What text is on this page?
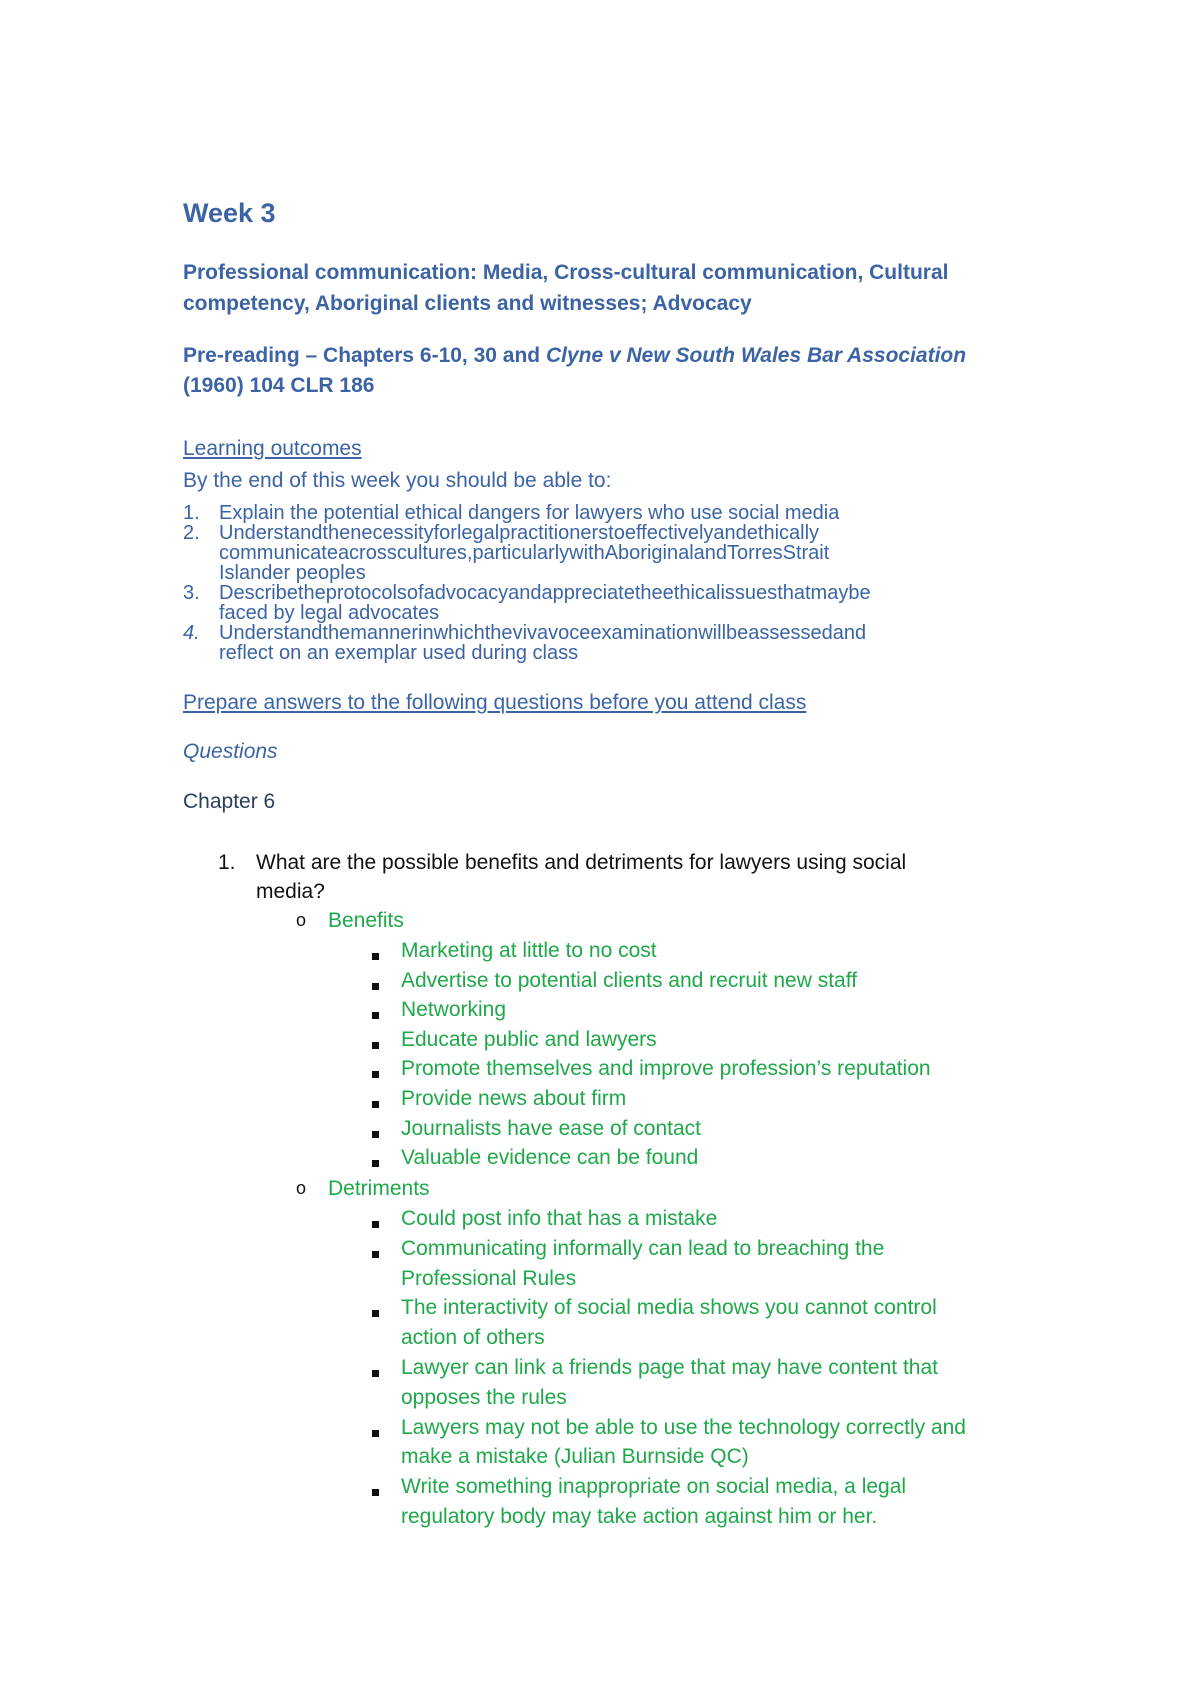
Week 3
Professional communication: Media, Cross-cultural communication, Cultural
competency, Aboriginal clients and witnesses; Advocacy
Pre-reading – Chapters 6-10, 30 and Clyne v New South Wales Bar Association
(1960) 104 CLR 186
Learning outcomes
By the end of this week you should be able to:
1. Explain the potential ethical dangers for lawyers who use social media
2. Understandthenecessityforlegalpractitionerstoeffectivelyandethically
communicateacrosscultures,particularlywithAboriginalandTorresStrait
Islander peoples
3. Describetheprotocolsofadvocacyandappreciatetheethicalissuesthatmaybe
faced by legal advocates
4. Understandthemannerinwhichthevivavoceexaminationwillbeassessedand
reflect on an exemplar used during class
Prepare answers to the following questions before you attend class
Questions
Chapter 6
1. What are the possible benefits and detriments for lawyers using social
media?
o Benefits
Marketing at little to no cost
Advertise to potential clients and recruit new staff
Networking
Educate public and lawyers
Promote themselves and improve profession’s reputation
Provide news about firm
Journalists have ease of contact
Valuable evidence can be found
o Detriments
Could post info that has a mistake
Communicating informally can lead to breaching the
Professional Rules
The interactivity of social media shows you cannot control
action of others
Lawyer can link a friends page that may have content that
opposes the rules
Lawyers may not be able to use the technology correctly and
make a mistake (Julian Burnside QC)
Write something inappropriate on social media, a legal
regulatory body may take action against him or her.
